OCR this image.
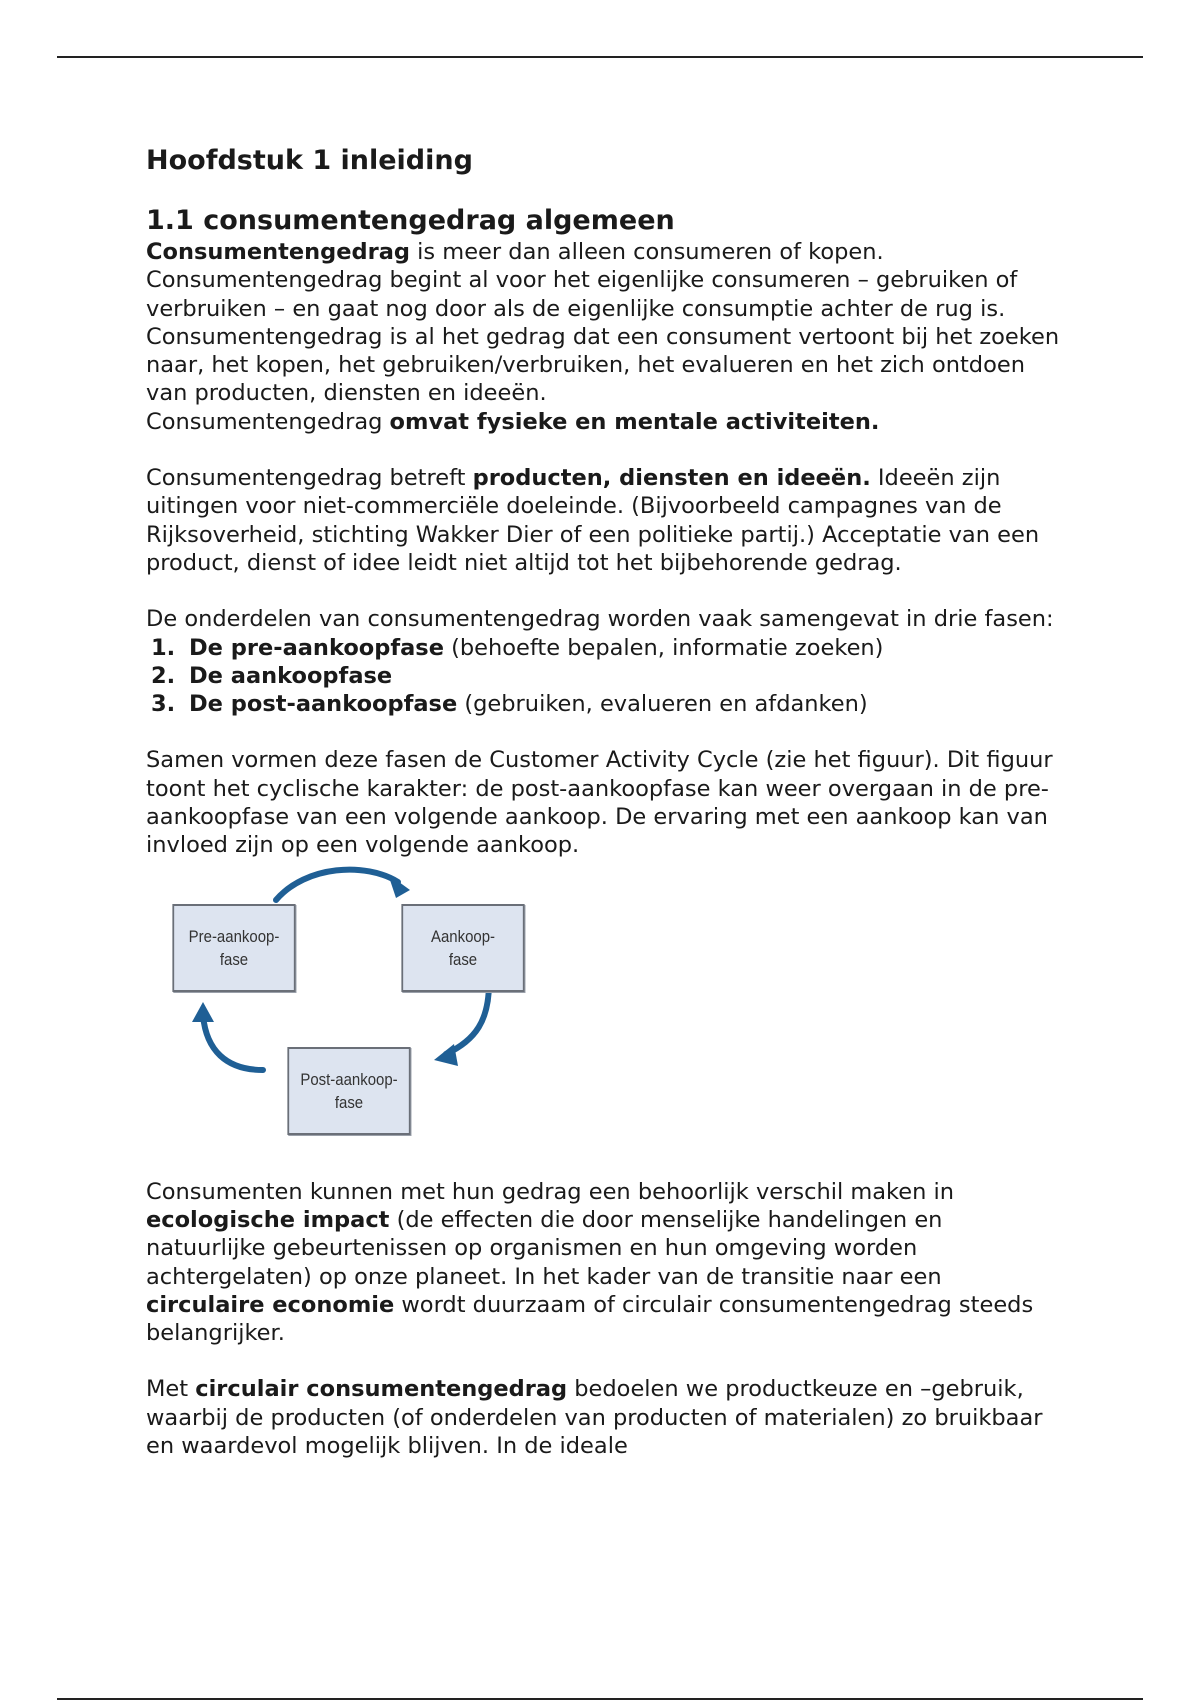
Hoofdstuk 1 inleiding
1.1 consumentengedrag algemeen

Consumentengedrag is meer dan alleen consumeren of kopen. Consumentengedrag begint al voor het eigenlijke consumeren – gebruiken of verbruiken – en gaat nog door als de eigenlijke consumptie achter de rug is. Consumentengedrag is al het gedrag dat een consument vertoont bij het zoeken naar, het kopen, het gebruiken/verbruiken, het evalueren en het zich ontdoen van producten, diensten en ideeën.
Consumentengedrag omvat fysieke en mentale activiteiten.

Consumentengedrag betreft producten, diensten en ideeën. Ideeën zijn uitingen voor niet-commerciële doeleinde. (Bijvoorbeeld campagnes van de Rijksoverheid, stichting Wakker Dier of een politieke partij.) Acceptatie van een product, dienst of idee leidt niet altijd tot het bijbehorende gedrag.

De onderdelen van consumentengedrag worden vaak samengevat in drie fasen:

1. De pre-aankoopfase (behoefte bepalen, informatie zoeken)
2. De aankoopfase
3. De post-aankoopfase (gebruiken, evalueren en afdanken)

Samen vormen deze fasen de Customer Activity Cycle (zie het figuur). Dit figuur toont het cyclische karakter: de post-aankoopfase kan weer overgaan in de pre-aankoopfase van een volgende aankoop. De ervaring met een aankoop kan van invloed zijn op een volgende aankoop.

Pre-aankoop-
fase
Aankoop-
fase
Post-aankoop-
fase

Consumenten kunnen met hun gedrag een behoorlijk verschil maken in ecologische impact (de effecten die door menselijke handelingen en natuurlijke gebeurtenissen op organismen en hun omgeving worden achtergelaten) op onze planeet. In het kader van de transitie naar een circulaire economie wordt duurzaam of circulair consumentengedrag steeds belangrijker.

Met circulair consumentengedrag bedoelen we productkeuze en –gebruik, waarbij de producten (of onderdelen van producten of materialen) zo bruikbaar en waardevol mogelijk blijven. In de ideale
